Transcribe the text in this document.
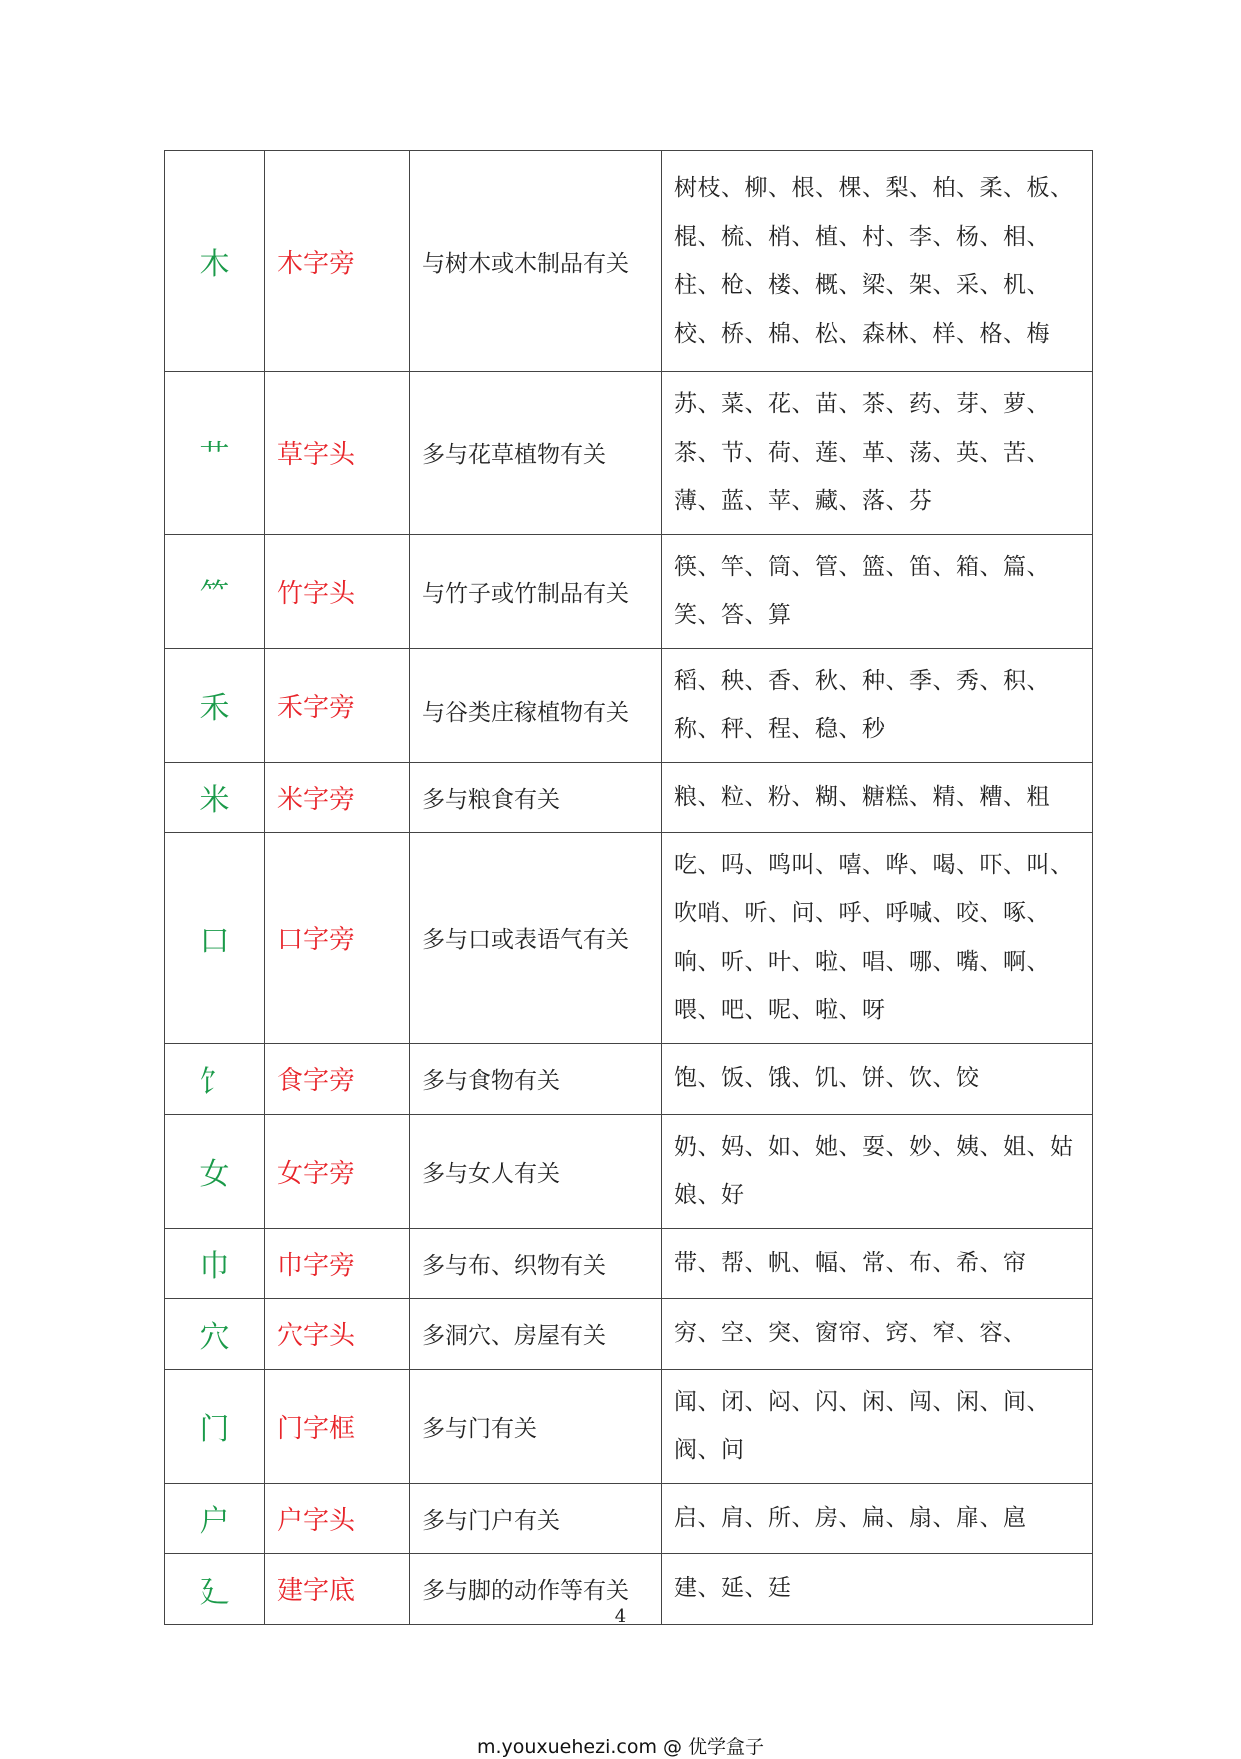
木	木字旁	与树木或木制品有关	树枝、柳、根、棵、梨、柏、柔、板、棍、梳、梢、植、村、李、杨、相、柱、枪、楼、概、梁、架、采、机、校、桥、棉、松、森林、样、格、梅
艹	草字头	多与花草植物有关	苏、菜、花、苗、茶、药、芽、萝、茶、节、荷、莲、革、荡、英、苦、薄、蓝、苹、藏、落、芬
⺮	竹字头	与竹子或竹制品有关	筷、竿、筒、管、篮、笛、箱、篇、笑、答、算
禾	禾字旁	与谷类庄稼植物有关	稻、秧、香、秋、种、季、秀、积、称、秤、程、稳、秒
米	米字旁	多与粮食有关	粮、粒、粉、糊、糖糕、精、糟、粗
口	口字旁	多与口或表语气有关	吃、吗、鸣叫、嘻、哗、喝、吓、叫、吹哨、听、问、呼、呼喊、咬、啄、响、听、叶、啦、唱、哪、嘴、啊、喂、吧、呢、啦、呀
饣	食字旁	多与食物有关	饱、饭、饿、饥、饼、饮、饺
女	女字旁	多与女人有关	奶、妈、如、她、耍、妙、姨、姐、姑娘、好
巾	巾字旁	多与布、织物有关	带、帮、帆、幅、常、布、希、帘
穴	穴字头	多洞穴、房屋有关	穷、空、突、窗帘、窍、窄、容、
门	门字框	多与门有关	闻、闭、闷、闪、闲、闯、闲、间、阀、问
户	户字头	多与门户有关	启、肩、所、房、扁、扇、扉、扈
廴	建字底	多与脚的动作等有关	建、延、廷
4
m.youxuehezi.com @ 优学盒子
